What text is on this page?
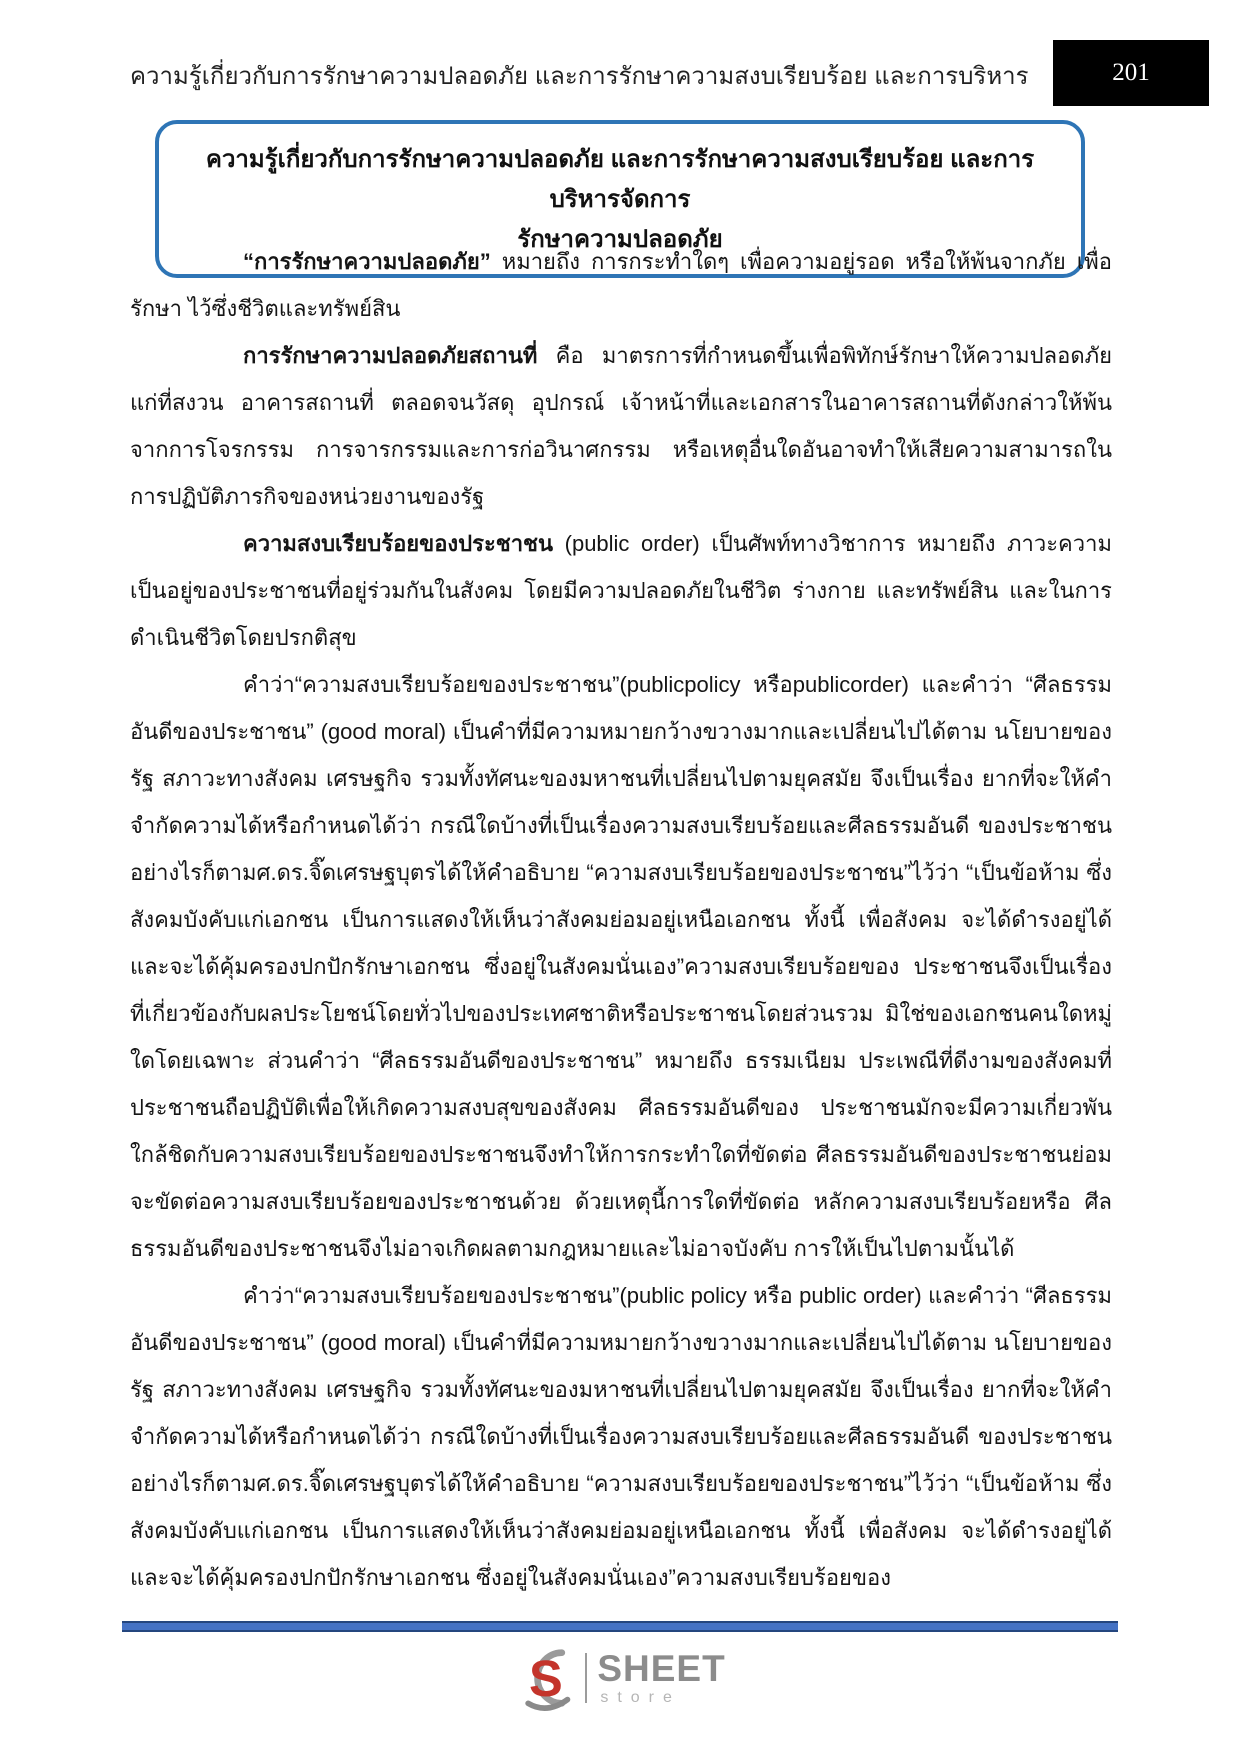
ความรู้เกี่ยวกับการรักษาความปลอดภัย และการรักษาความสงบเรียบร้อย และการบริหาร	201
ความรู้เกี่ยวกับการรักษาความปลอดภัย และการรักษาความสงบเรียบร้อย และการบริหารจัดการ
รักษาความปลอดภัย
“การรักษาความปลอดภัย” หมายถึง การกระทำใดๆ เพื่อความอยู่รอด หรือให้พ้นจากภัย เพื่อรักษา ไว้ซึ่งชีวิตและทรัพย์สิน
การรักษาความปลอดภัยสถานที่ คือ มาตรการที่กำหนดขึ้นเพื่อพิทักษ์รักษาให้ความปลอดภัย แก่ที่สงวน อาคารสถานที่ ตลอดจนวัสดุ อุปกรณ์ เจ้าหน้าที่และเอกสารในอาคารสถานที่ดังกล่าวให้พ้น จากการโจรกรรม การจารกรรมและการก่อวินาศกรรม หรือเหตุอื่นใดอันอาจทำให้เสียความสามารถใน การปฏิบัติภารกิจของหน่วยงานของรัฐ
ความสงบเรียบร้อยของประชาชน (public order) เป็นศัพท์ทางวิชาการ หมายถึง ภาวะความ เป็นอยู่ของประชาชนที่อยู่ร่วมกันในสังคม โดยมีความปลอดภัยในชีวิต ร่างกาย และทรัพย์สิน และในการ ดำเนินชีวิตโดยปรกติสุข
คำว่า“ความสงบเรียบร้อยของประชาชน”(publicpolicy หรือpublicorder) และคำว่า “ศีลธรรม อันดีของประชาชน” (good moral) เป็นคำที่มีความหมายกว้างขวางมากและเปลี่ยนไปได้ตาม นโยบายของ รัฐ สภาวะทางสังคม เศรษฐกิจ รวมทั้งทัศนะของมหาชนที่เปลี่ยนไปตามยุคสมัย จึงเป็นเรื่อง ยากที่จะให้คำ จำกัดความได้หรือกำหนดได้ว่า กรณีใดบ้างที่เป็นเรื่องความสงบเรียบร้อยและศีลธรรมอันดี ของประชาชน อย่างไรก็ตามศ.ดร.จิ๊ดเศรษฐบุตรได้ให้คำอธิบาย “ความสงบเรียบร้อยของประชาชน”ไว้ว่า “เป็นข้อห้าม ซึ่งสังคมบังคับแก่เอกชน เป็นการแสดงให้เห็นว่าสังคมย่อมอยู่เหนือเอกชน ทั้งนี้ เพื่อสังคม จะได้ดำรงอยู่ได้ และจะได้คุ้มครองปกปักรักษาเอกชน ซึ่งอยู่ในสังคมนั่นเอง”ความสงบเรียบร้อยของ ประชาชนจึงเป็นเรื่อง ที่เกี่ยวข้องกับผลประโยชน์โดยทั่วไปของประเทศชาติหรือประชาชนโดยส่วนรวม มิใช่ของเอกชนคนใดหมู่ ใดโดยเฉพาะ ส่วนคำว่า “ศีลธรรมอันดีของประชาชน” หมายถึง ธรรมเนียม ประเพณีที่ดีงามของสังคมที่ ประชาชนถือปฏิบัติเพื่อให้เกิดความสงบสุขของสังคม ศีลธรรมอันดีของ ประชาชนมักจะมีความเกี่ยวพัน ใกล้ชิดกับความสงบเรียบร้อยของประชาชนจึงทำให้การกระทำใดที่ขัดต่อ ศีลธรรมอันดีของประชาชนย่อม จะขัดต่อความสงบเรียบร้อยของประชาชนด้วย ด้วยเหตุนี้การใดที่ขัดต่อ หลักความสงบเรียบร้อยหรือ ศีลธรรมอันดีของประชาชนจึงไม่อาจเกิดผลตามกฎหมายและไม่อาจบังคับ การให้เป็นไปตามนั้นได้
คำว่า“ความสงบเรียบร้อยของประชาชน”(public policy หรือ public order) และคำว่า “ศีลธรรม อันดีของประชาชน” (good moral) เป็นคำที่มีความหมายกว้างขวางมากและเปลี่ยนไปได้ตาม นโยบายของ รัฐ สภาวะทางสังคม เศรษฐกิจ รวมทั้งทัศนะของมหาชนที่เปลี่ยนไปตามยุคสมัย จึงเป็นเรื่อง ยากที่จะให้คำ จำกัดความได้หรือกำหนดได้ว่า กรณีใดบ้างที่เป็นเรื่องความสงบเรียบร้อยและศีลธรรมอันดี ของประชาชน อย่างไรก็ตามศ.ดร.จิ๊ดเศรษฐบุตรได้ให้คำอธิบาย “ความสงบเรียบร้อยของประชาชน”ไว้ว่า “เป็นข้อห้าม ซึ่งสังคมบังคับแก่เอกชน เป็นการแสดงให้เห็นว่าสังคมย่อมอยู่เหนือเอกชน ทั้งนี้ เพื่อสังคม จะได้ดำรงอยู่ได้ และจะได้คุ้มครองปกปักรักษาเอกชน ซึ่งอยู่ในสังคมนั่นเอง”ความสงบเรียบร้อยของ
S SHEET
store
